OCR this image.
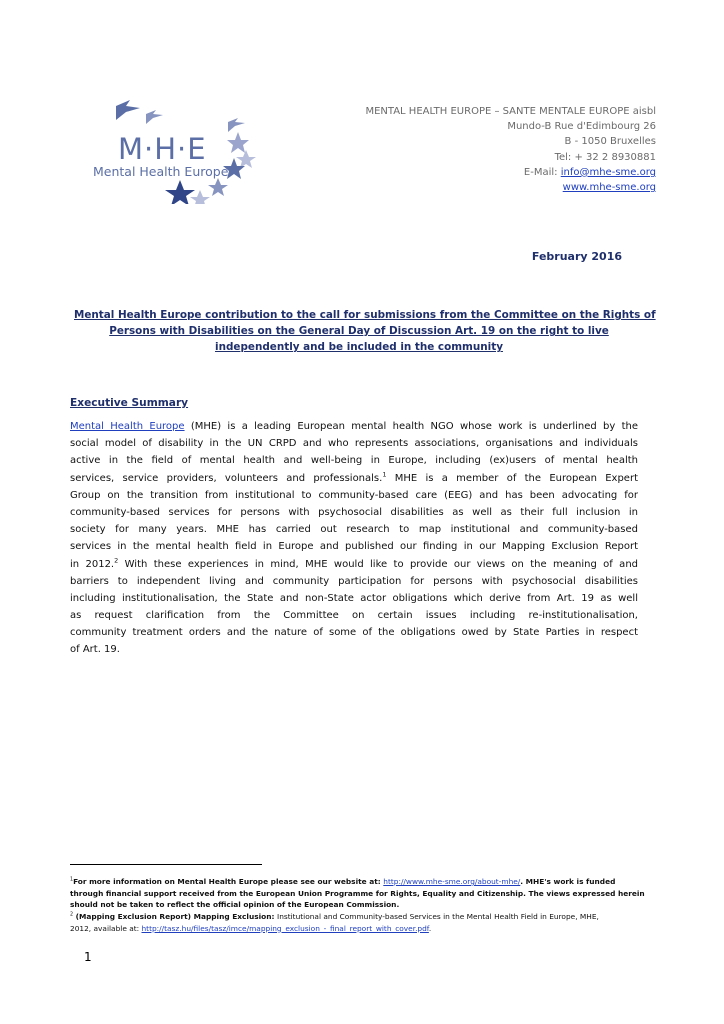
M·H·E
Mental Health Europe
MENTAL HEALTH EUROPE – SANTE MENTALE EUROPE aisbl
Mundo-B Rue d'Edimbourg 26
B - 1050 Bruxelles
Tel: + 32 2 8930881
E-Mail: info@mhe-sme.org
www.mhe-sme.org
February 2016
Mental Health Europe contribution to the call for submissions from the Committee on the Rights of
Persons with Disabilities on the General Day of Discussion Art. 19 on the right to live
independently and be included in the community
Executive Summary
Mental Health Europe (MHE) is a leading European mental health NGO whose work is underlined by the
social model of disability in the UN CRPD and who represents associations, organisations and individuals
active in the field of mental health and well-being in Europe, including (ex)users of mental health
services, service providers, volunteers and professionals.$^1$ MHE is a member of the European Expert
Group on the transition from institutional to community-based care (EEG) and has been advocating for
community-based services for persons with psychosocial disabilities as well as their full inclusion in
society for many years. MHE has carried out research to map institutional and community-based
services in the mental health field in Europe and published our finding in our Mapping Exclusion Report
in 2012.$^2$ With these experiences in mind, MHE would like to provide our views on the meaning of and
barriers to independent living and community participation for persons with psychosocial disabilities
including institutionalisation, the State and non-State actor obligations which derive from Art. 19 as well
as request clarification from the Committee on certain issues including re-institutionalisation,
community treatment orders and the nature of some of the obligations owed by State Parties in respect
of Art. 19.
$^1$For more information on Mental Health Europe please see our website at: http://www.mhe-sme.org/about-mhe/. MHE's work is funded
through financial support received from the European Union Programme for Rights, Equality and Citizenship. The views expressed herein
should not be taken to reflect the official opinion of the European Commission.
$^2$ (Mapping Exclusion Report) Mapping Exclusion: Institutional and Community-based Services in the Mental Health Field in Europe, MHE,
2012, available at: http://tasz.hu/files/tasz/imce/mapping_exclusion_-_final_report_with_cover.pdf.
1
